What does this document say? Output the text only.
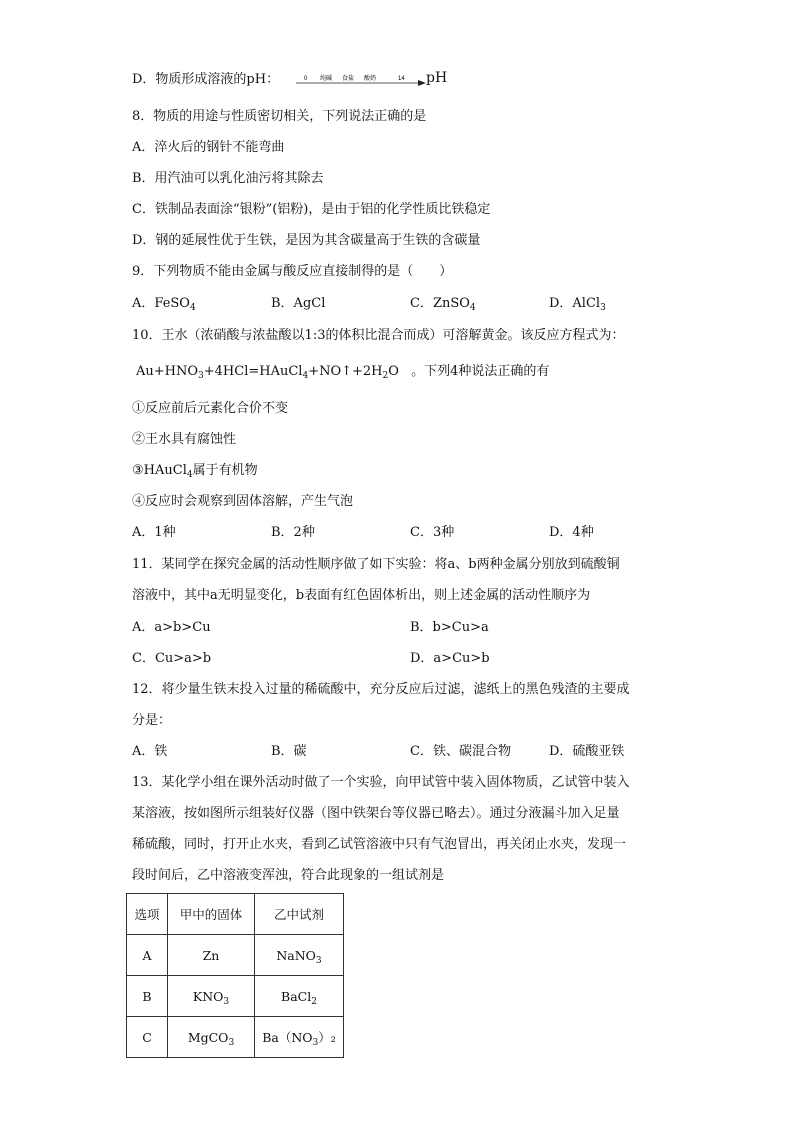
D．物质形成溶液的pH：	0 纯碱 食盐 酸奶	14 pH
8．物质的用途与性质密切相关，下列说法正确的是
A．淬火后的钢针不能弯曲
B．用汽油可以乳化油污将其除去
C．铁制品表面涂“银粉”(铝粉)，是由于铝的化学性质比铁稳定
D．钢的延展性优于生铁，是因为其含碳量高于生铁的含碳量
9．下列物质不能由金属与酸反应直接制得的是（　　）
A．FeSO$_4$	B．AgCl	C．ZnSO$_4$	D．AlCl$_3$
10．王水（浓硝酸与浓盐酸以1:3的体积比混合而成）可溶解黄金。该反应方程式为：
$Au+HNO_3+4HCl=HAuCl_4+NO↑+2H_2O$ 。下列4种说法正确的有
①反应前后元素化合价不变
②王水具有腐蚀性
③HAuCl$_4$属于有机物
④反应时会观察到固体溶解，产生气泡
A．1种	B．2种	C．3种	D．4种
11．某同学在探究金属的活动性顺序做了如下实验：将a、b两种金属分别放到硫酸铜
溶液中，其中a无明显变化，b表面有红色固体析出，则上述金属的活动性顺序为
A．a>b>Cu	B．b>Cu>a
C．Cu>a>b	D．a>Cu>b
12．将少量生铁末投入过量的稀硫酸中，充分反应后过滤，滤纸上的黑色残渣的主要成
分是：
A．铁	B．碳	C．铁、碳混合物	D．硫酸亚铁
13．某化学小组在课外活动时做了一个实验，向甲试管中装入固体物质，乙试管中装入
某溶液，按如图所示组装好仪器（图中铁架台等仪器已略去）。通过分液漏斗加入足量
稀硫酸，同时，打开止水夹，看到乙试管溶液中只有气泡冒出，再关闭止水夹，发现一
段时间后，乙中溶液变浑浊，符合此现象的一组试剂是
选项	甲中的固体	乙中试剂
A	Zn	NaNO$_3$
B	$KNO_3$	BaCl$_2$
C	MgCO$_3$	$Ba(NO_3)_2$
